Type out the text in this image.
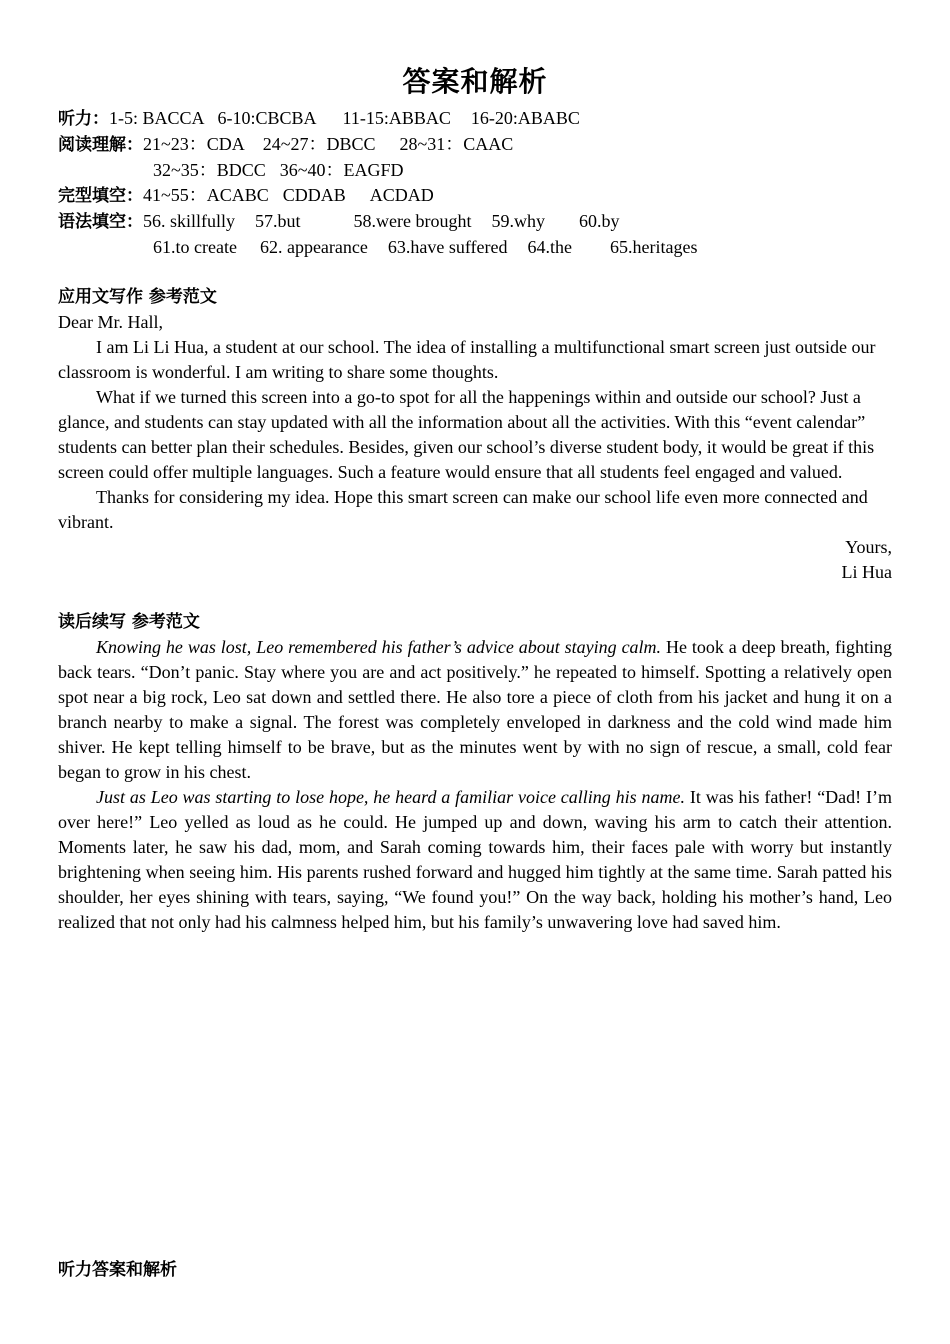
答案和解析
听力：1-5: BACCA 6-10:CBCBA 11-15:ABBAC 16-20:ABABC
阅读理解：21~23：CDA 24~27：DBCC 28~31：CAAC
32~35：BDCC 36~40：EAGFD
完型填空：41~55：ACABC CDDAB ACDAD
语法填空：56. skillfully 57.but	58.were brought 59.why 60.by
61.to create 62. appearance 63.have suffered 64.the 65.heritages
应用文写作 参考范文

Dear Mr. Hall,

I am Li Li Hua, a student at our school. The idea of installing a multifunctional smart screen just outside our classroom is wonderful. I am writing to share some thoughts.

What if we turned this screen into a go-to spot for all the happenings within and outside our school? Just a glance, and students can stay updated with all the information about all the activities. With this “event calendar” students can better plan their schedules. Besides, given our school’s diverse student body, it would be great if this screen could offer multiple languages. Such a feature would ensure that all students feel engaged and valued.

Thanks for considering my idea. Hope this smart screen can make our school life even more connected and vibrant.

Yours,

Li Hua

读后续写 参考范文

Knowing he was lost, Leo remembered his father’s advice about staying calm. He took a deep breath, fighting back tears. “Don’t panic. Stay where you are and act positively.” he repeated to himself. Spotting a relatively open spot near a big rock, Leo sat down and settled there. He also tore a piece of cloth from his jacket and hung it on a branch nearby to make a signal. The forest was completely enveloped in darkness and the cold wind made him shiver. He kept telling himself to be brave, but as the minutes went by with no sign of rescue, a small, cold fear began to grow in his chest.

Just as Leo was starting to lose hope, he heard a familiar voice calling his name. It was his father! “Dad! I’m over here!” Leo yelled as loud as he could. He jumped up and down, waving his arm to catch their attention. Moments later, he saw his dad, mom, and Sarah coming towards him, their faces pale with worry but instantly brightening when seeing him. His parents rushed forward and hugged him tightly at the same time. Sarah patted his shoulder, her eyes shining with tears, saying, “We found you!” On the way back, holding his mother’s hand, Leo realized that not only had his calmness helped him, but his family’s unwavering love had saved him.

听力答案和解析
